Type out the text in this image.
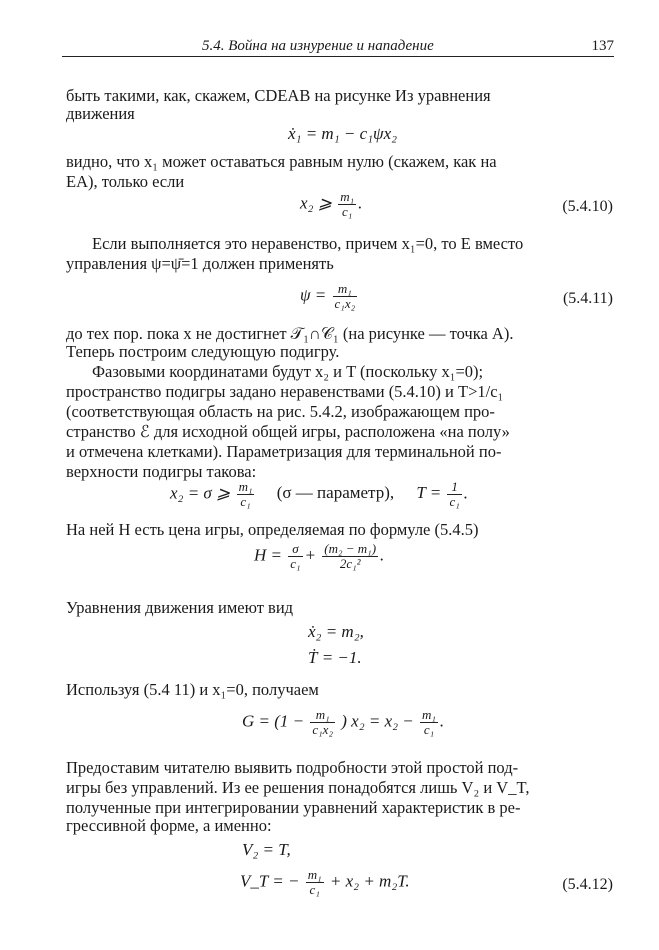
5.4. Война на изнурение и нападение	137
быть такими, как, скажем, CDEAB на рисунке Из уравнения
движения
ẋ₁ = m₁ − c₁ψx₂
видно, что x₁ может оставаться равным нулю (скажем, как на
EA), только если
x₂ ⩾ $\frac{\text{m₁}}{\text{c₁}}$ .	(5.4.10)
Если выполняется это неравенство, причем x₁=0, то E вместо
управления ψ=ψ̄=1 должен применять
$\psi = \frac{\text{m₁}}{\text{c₁x₂}}$	(5.4.11)
до тех пор. пока x не достигнет 𝒯₁∩𝒞₁ (на рисунке — точка A).
Теперь построим следующую подигру.
Фазовыми координатами будут x₂ и T (поскольку x₁=0);
пространство подигры задано неравенствами (5.4.10) и T>1/c₁
(соответствующая область на рис. 5.4.2, изображающем про-
странство ℰ для исходной общей игры, расположена «на полу»
и отмечена клетками). Параметризация для терминальной по-
верхности подигры такова:
x₂ = σ ⩾ $\frac{\text{m₁}}{\text{c₁}} (\sigma$ — параметр), $T = \frac{1}{\text{c₁}}$ .
На ней H есть цена игры, определяемая по формуле (5.4.5)
$H = \frac{\sigma}{\text{c₁}} + \frac{\text{(m₂ − m₁)}}{\text{2c₁²}}$ .
Уравнения движения имеют вид
ẋ₂ = m₂,
Ṫ = −1.
Используя (5.4 11) и x₁=0, получаем
$G = (1 - \frac{\text{m₁}}{\text{c₁x₂}}$ ) $x_2 = x_2 - \frac{\text{m₁}}{\text{c₁}}$ .
Предоставим читателю выявить подробности этой простой под-
игры без управлений. Из ее решения понадобятся лишь V₂ и V_T,
полученные при интегрировании уравнений характеристик в ре-
грессивной форме, а именно:
V₂ = T,
V_T = − $\frac{\text{m₁}}{\text{c₁}} + x_2 + m_2T$.	(5.4.12)
